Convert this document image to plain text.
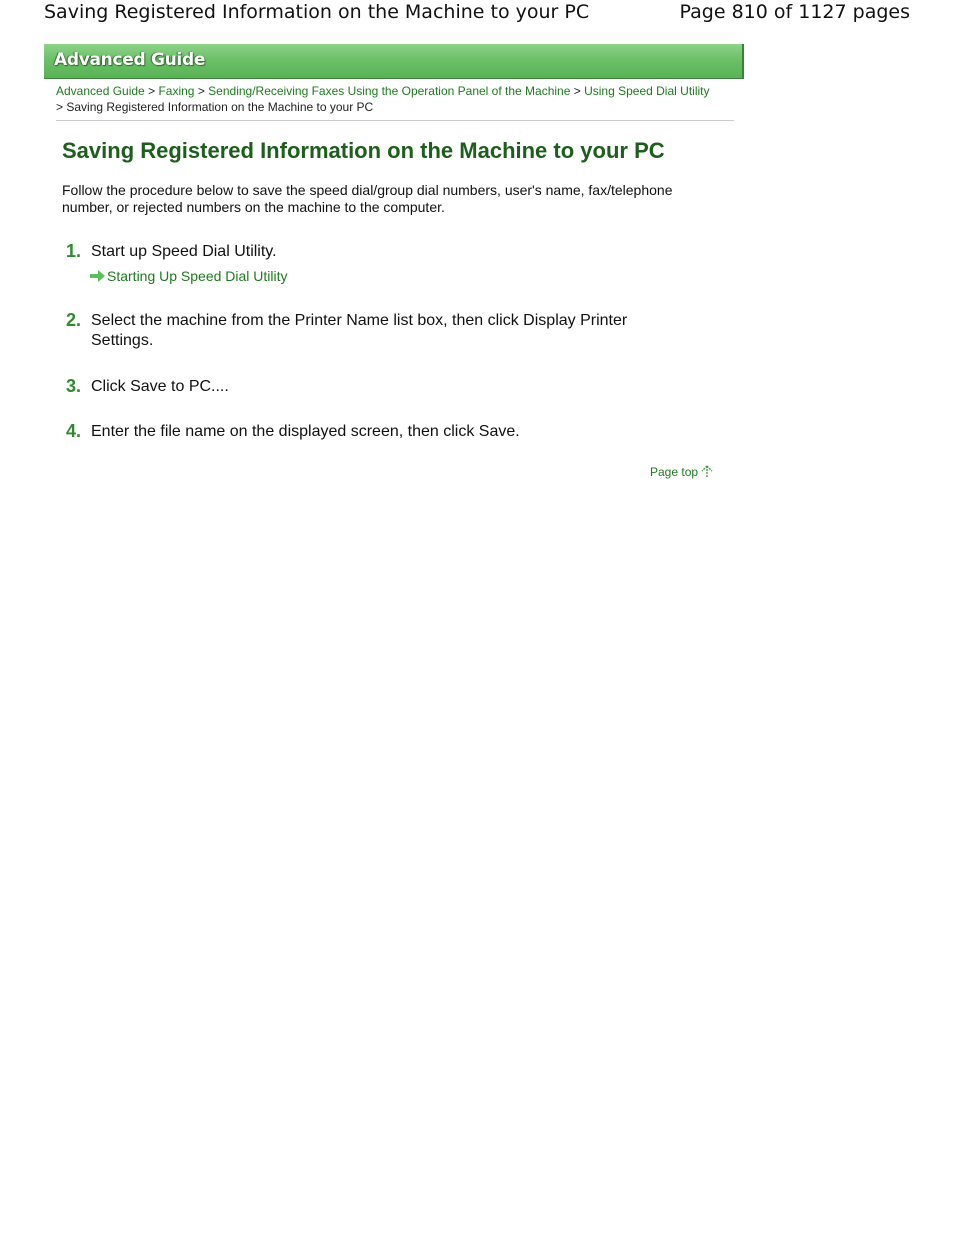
Saving Registered Information on the Machine to your PC	Page 810 of 1127 pages
Advanced Guide
Advanced Guide > Faxing > Sending/Receiving Faxes Using the Operation Panel of the Machine > Using Speed Dial Utility > Saving Registered Information on the Machine to your PC
Saving Registered Information on the Machine to your PC

Follow the procedure below to save the speed dial/group dial numbers, user's name, fax/telephone number, or rejected numbers on the machine to the computer.

1. Start up Speed Dial Utility.
Starting Up Speed Dial Utility
2. Select the machine from the Printer Name list box, then click Display Printer Settings.
3. Click Save to PC....
4. Enter the file name on the displayed screen, then click Save.
Page top
